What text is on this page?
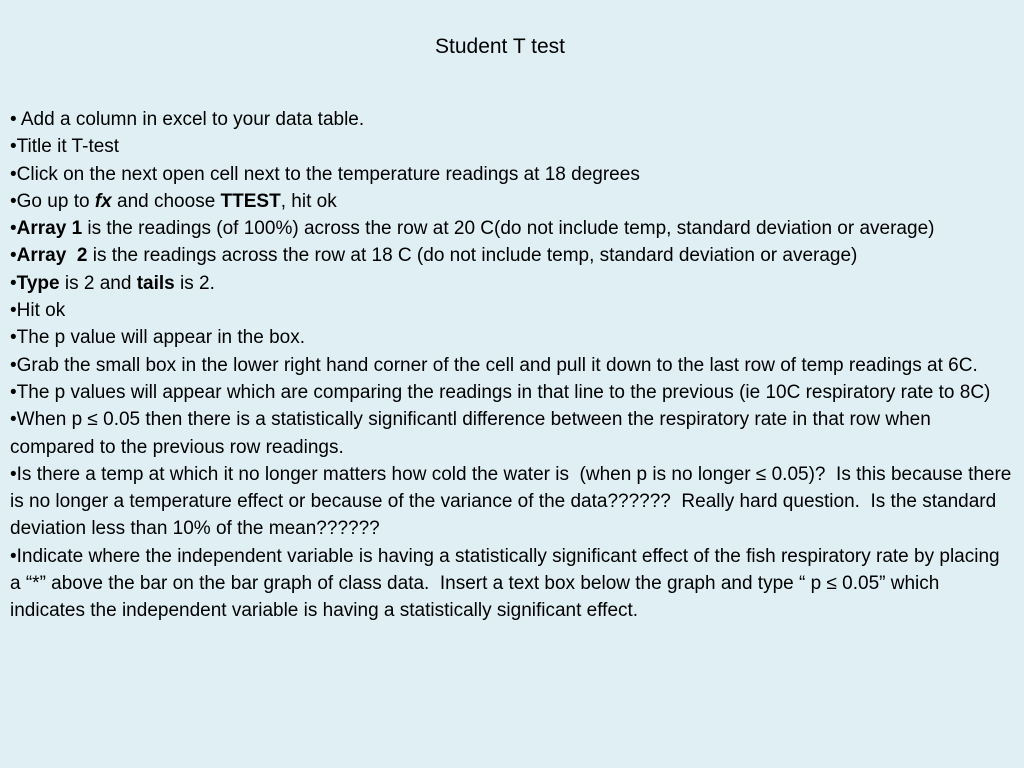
Student T test

• Add a column in excel to your data table.

•Title it T-test

•Click on the next open cell next to the temperature readings at 18 degrees

•Go up to fx and choose TTEST, hit ok

•Array 1 is the readings (of 100%) across the row at 20 C(do not include temp, standard deviation or average)

•Array  2 is the readings across the row at 18 C (do not include temp, standard deviation or average)

•Type is 2 and tails is 2.

•Hit ok

•The p value will appear in the box.

•Grab the small box in the lower right hand corner of the cell and pull it down to the last row of temp readings at 6C.

•The p values will appear which are comparing the readings in that line to the previous (ie 10C respiratory rate to 8C)

•When p ≤ 0.05 then there is a statistically significantl difference between the respiratory rate in that row when compared to the previous row readings.

•Is there a temp at which it no longer matters how cold the water is  (when p is no longer ≤ 0.05)?  Is this because there is no longer a temperature effect or because of the variance of the data??????  Really hard question.  Is the standard deviation less than 10% of the mean??????

•Indicate where the independent variable is having a statistically significant effect of the fish respiratory rate by placing a “*” above the bar on the bar graph of class data.  Insert a text box below the graph and type “ p ≤ 0.05” which indicates the independent variable is having a statistically significant effect.
